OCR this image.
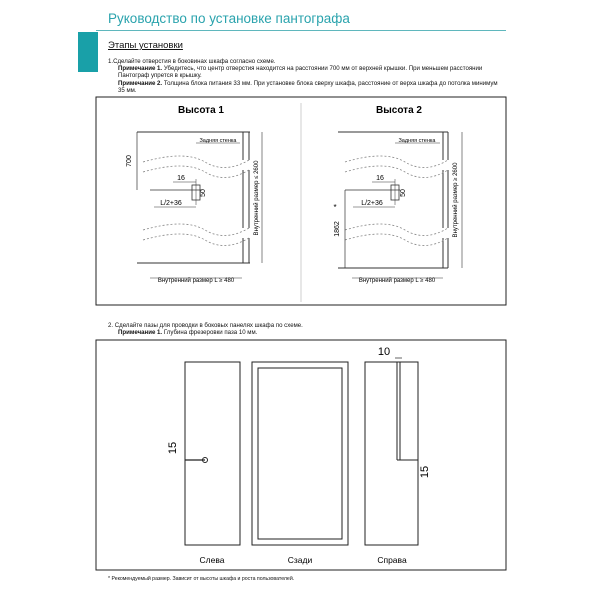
Руководство по установке пантографа
Этапы установки
1.Сделайте отверстия в боковинах шкафа согласно схеме.
Примечание 1. Убедитесь, что центр отверстия находится на расстоянии 700 мм от верхней крышки. При меньшем расстоянии Пантограф упрется в крышку.
Примечание 2. Толщина блока питания 33 мм. При установке блока сверху шкафа, расстояние от верха шкафа до потолка минимум 35 мм.
Высота 1
Задняя стенка
700
16
50
L/2+36	Внутренний размер ≤ 2600
Внутренний размер L ≥ 480
Высота 2
Задняя стенка
16
50
L/2+36
1862
*	Внутренний размер ≥ 2600
Внутренний размер L ≥ 480
2. Сделайте пазы для проводки в боковых панелях шкафа по схеме.
Примечание 1. Глубина фрезеровки паза 10 мм.
15
Слева	Сзади
10
15
Справа
* Рекомендуемый размер. Зависит от высоты шкафа и роста пользователей.
